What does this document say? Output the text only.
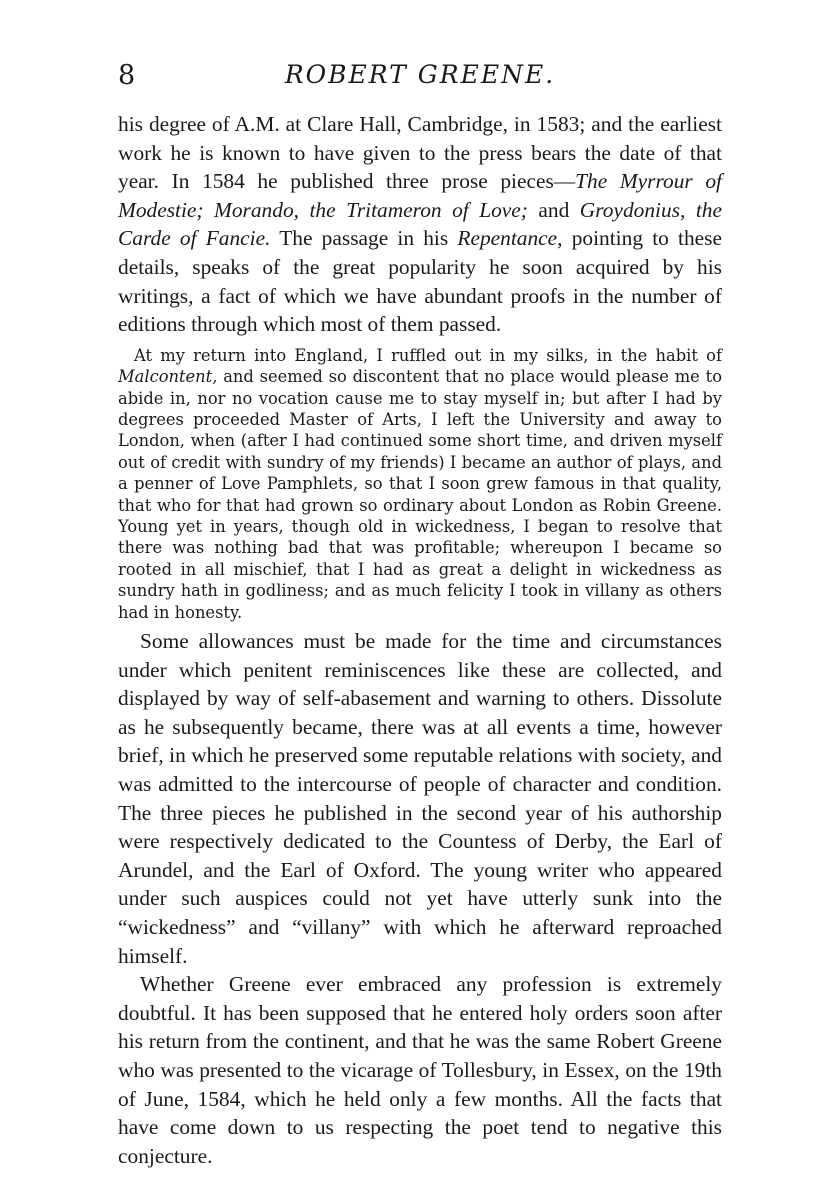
8	ROBERT GREENE.

his degree of A.M. at Clare Hall, Cambridge, in 1583; and the earliest work he is known to have given to the press bears the date of that year. In 1584 he published three prose pieces—The Myrrour of Modestie; Morando, the Tritameron of Love; and Groydonius, the Carde of Fancie. The passage in his Repentance, pointing to these details, speaks of the great popularity he soon acquired by his writings, a fact of which we have abundant proofs in the number of editions through which most of them passed.

At my return into England, I ruffled out in my silks, in the habit of Malcontent, and seemed so discontent that no place would please me to abide in, nor no vocation cause me to stay myself in; but after I had by degrees proceeded Master of Arts, I left the University and away to London, when (after I had continued some short time, and driven myself out of credit with sundry of my friends) I became an author of plays, and a penner of Love Pamphlets, so that I soon grew famous in that quality, that who for that had grown so ordinary about London as Robin Greene. Young yet in years, though old in wickedness, I began to resolve that there was nothing bad that was profitable; whereupon I became so rooted in all mischief, that I had as great a delight in wickedness as sundry hath in godliness; and as much felicity I took in villany as others had in honesty.

Some allowances must be made for the time and circumstances under which penitent reminiscences like these are collected, and displayed by way of self-abasement and warning to others. Dissolute as he subsequently became, there was at all events a time, however brief, in which he preserved some reputable relations with society, and was admitted to the intercourse of people of character and condition. The three pieces he published in the second year of his authorship were respectively dedicated to the Countess of Derby, the Earl of Arundel, and the Earl of Oxford. The young writer who appeared under such auspices could not yet have utterly sunk into the “wickedness” and “villany” with which he afterward reproached himself.

Whether Greene ever embraced any profession is extremely doubtful. It has been supposed that he entered holy orders soon after his return from the continent, and that he was the same Robert Greene who was presented to the vicarage of Tollesbury, in Essex, on the 19th of June, 1584, which he held only a few months. All the facts that have come down to us respecting the poet tend to negative this conjecture.
